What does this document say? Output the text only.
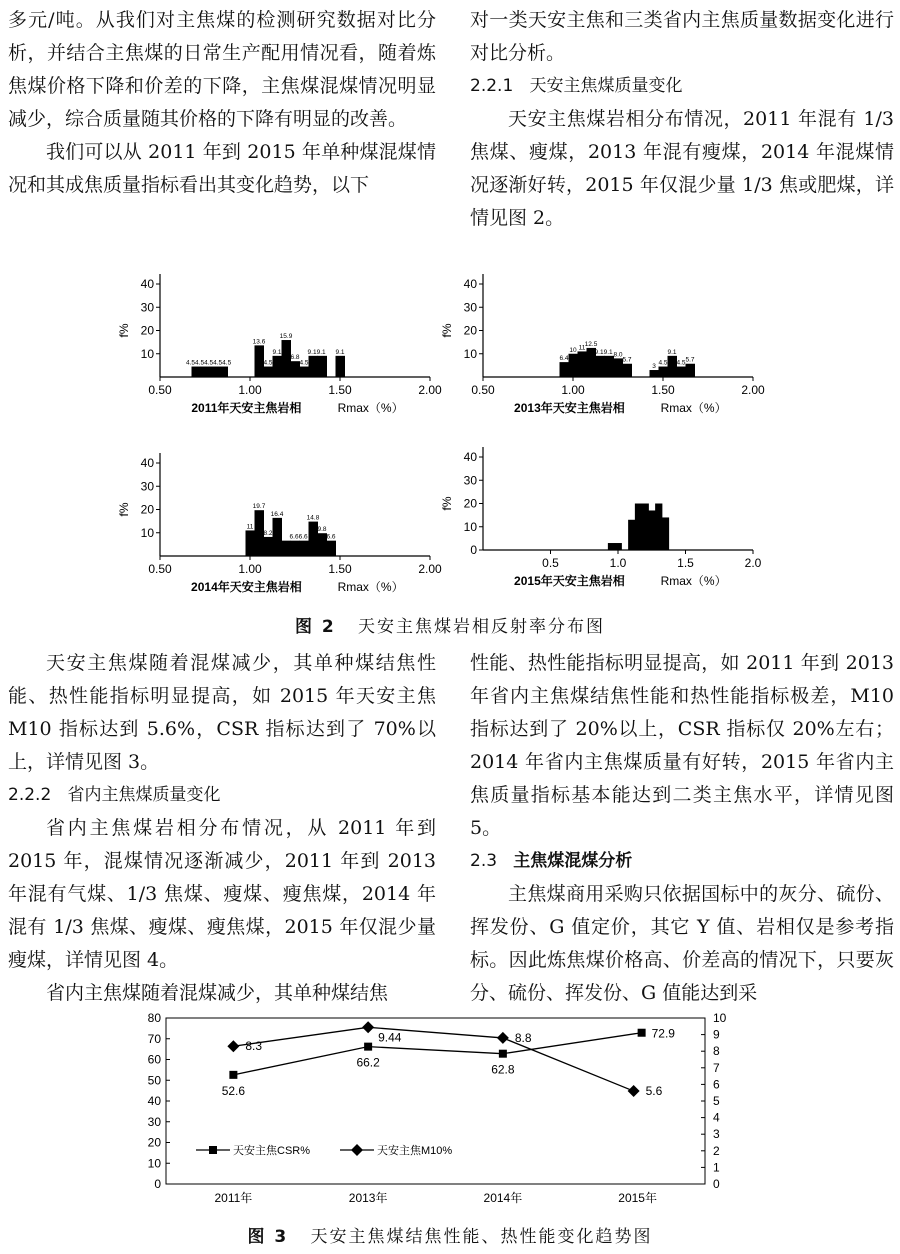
多元/吨。从我们对主焦煤的检测研究数据对比分析，并结合主焦煤的日常生产配用情况看，随着炼焦煤价格下降和价差的下降，主焦煤混煤情况明显减少，综合质量随其价格的下降有明显的改善。

我们可以从 2011 年到 2015 年单种煤混煤情况和其成焦质量指标看出其变化趋势，以下

对一类天安主焦和三类省内主焦质量数据变化进行对比分析。

2.2.1 天安主焦煤质量变化

天安主焦煤岩相分布情况，2011 年混有 1/3 焦煤、瘦煤，2013 年混有瘦煤，2014 年混煤情况逐渐好转，2015 年仅混少量 1/3 焦或肥煤，详情见图 2。

10
20
30
40
0.50	1.00	1.50	2.00
f%
2011年天安主焦岩相	Rmax（%）
4.54.54.54.54.5
13.6
4.5
9.1
15.9
6.8
4.5
9.19.1 9.1	10
20
30
40
0.50	1.00	1.50	2.00
f%
2013年天安主焦岩相	Rmax（%）
6.4
10 11 12.5
9.19.1 8.0
5.7
3 4.5
9.1
4.5 5.7
10
20
30
40
0.50	1.00	1.50	2.00
f%
2014年天安主焦岩相	Rmax（%）
11
19.7
8.2
16.4
6.66.6
14.8
9.8
6.6
0
10
20
30
40
0.5	1.0	1.5	2.0
f%
2015年天安主焦岩相	Rmax（%）
图 2 天安主焦煤岩相反射率分布图

天安主焦煤随着混煤减少，其单种煤结焦性能、热性能指标明显提高，如 2015 年天安主焦 M10 指标达到 5.6%，CSR 指标达到了 70%以上，详情见图 3。

2.2.2 省内主焦煤质量变化

省内主焦煤岩相分布情况，从 2011 年到 2015 年，混煤情况逐渐减少，2011 年到 2013 年混有气煤、1/3 焦煤、瘦煤、瘦焦煤，2014 年混有 1/3 焦煤、瘦煤、瘦焦煤，2015 年仅混少量瘦煤，详情见图 4。

省内主焦煤随着混煤减少，其单种煤结焦

性能、热性能指标明显提高，如 2011 年到 2013 年省内主焦煤结焦性能和热性能指标极差，M10 指标达到了 20%以上，CSR 指标仅 20%左右；2014 年省内主焦煤质量有好转，2015 年省内主焦质量指标基本能达到二类主焦水平，详情见图 5。

2.3 主焦煤混煤分析

主焦煤商用采购只依据国标中的灰分、硫份、挥发份、G 值定价，其它 Y 值、岩相仅是参考指标。因此炼焦煤价格高、价差高的情况下，只要灰分、硫份、挥发份、G 值能达到采

0
10
20
30
40
50
60
70
80
0
1
2
3
4
5
6
7
8
9
10
2011年	2013年	2014年	2015年
52.6
66.2
62.8
72.9
8.3
9.44	8.8
5.6
天安主焦CSR%	天安主焦M10%
图 3 天安主焦煤结焦性能、热性能变化趋势图
